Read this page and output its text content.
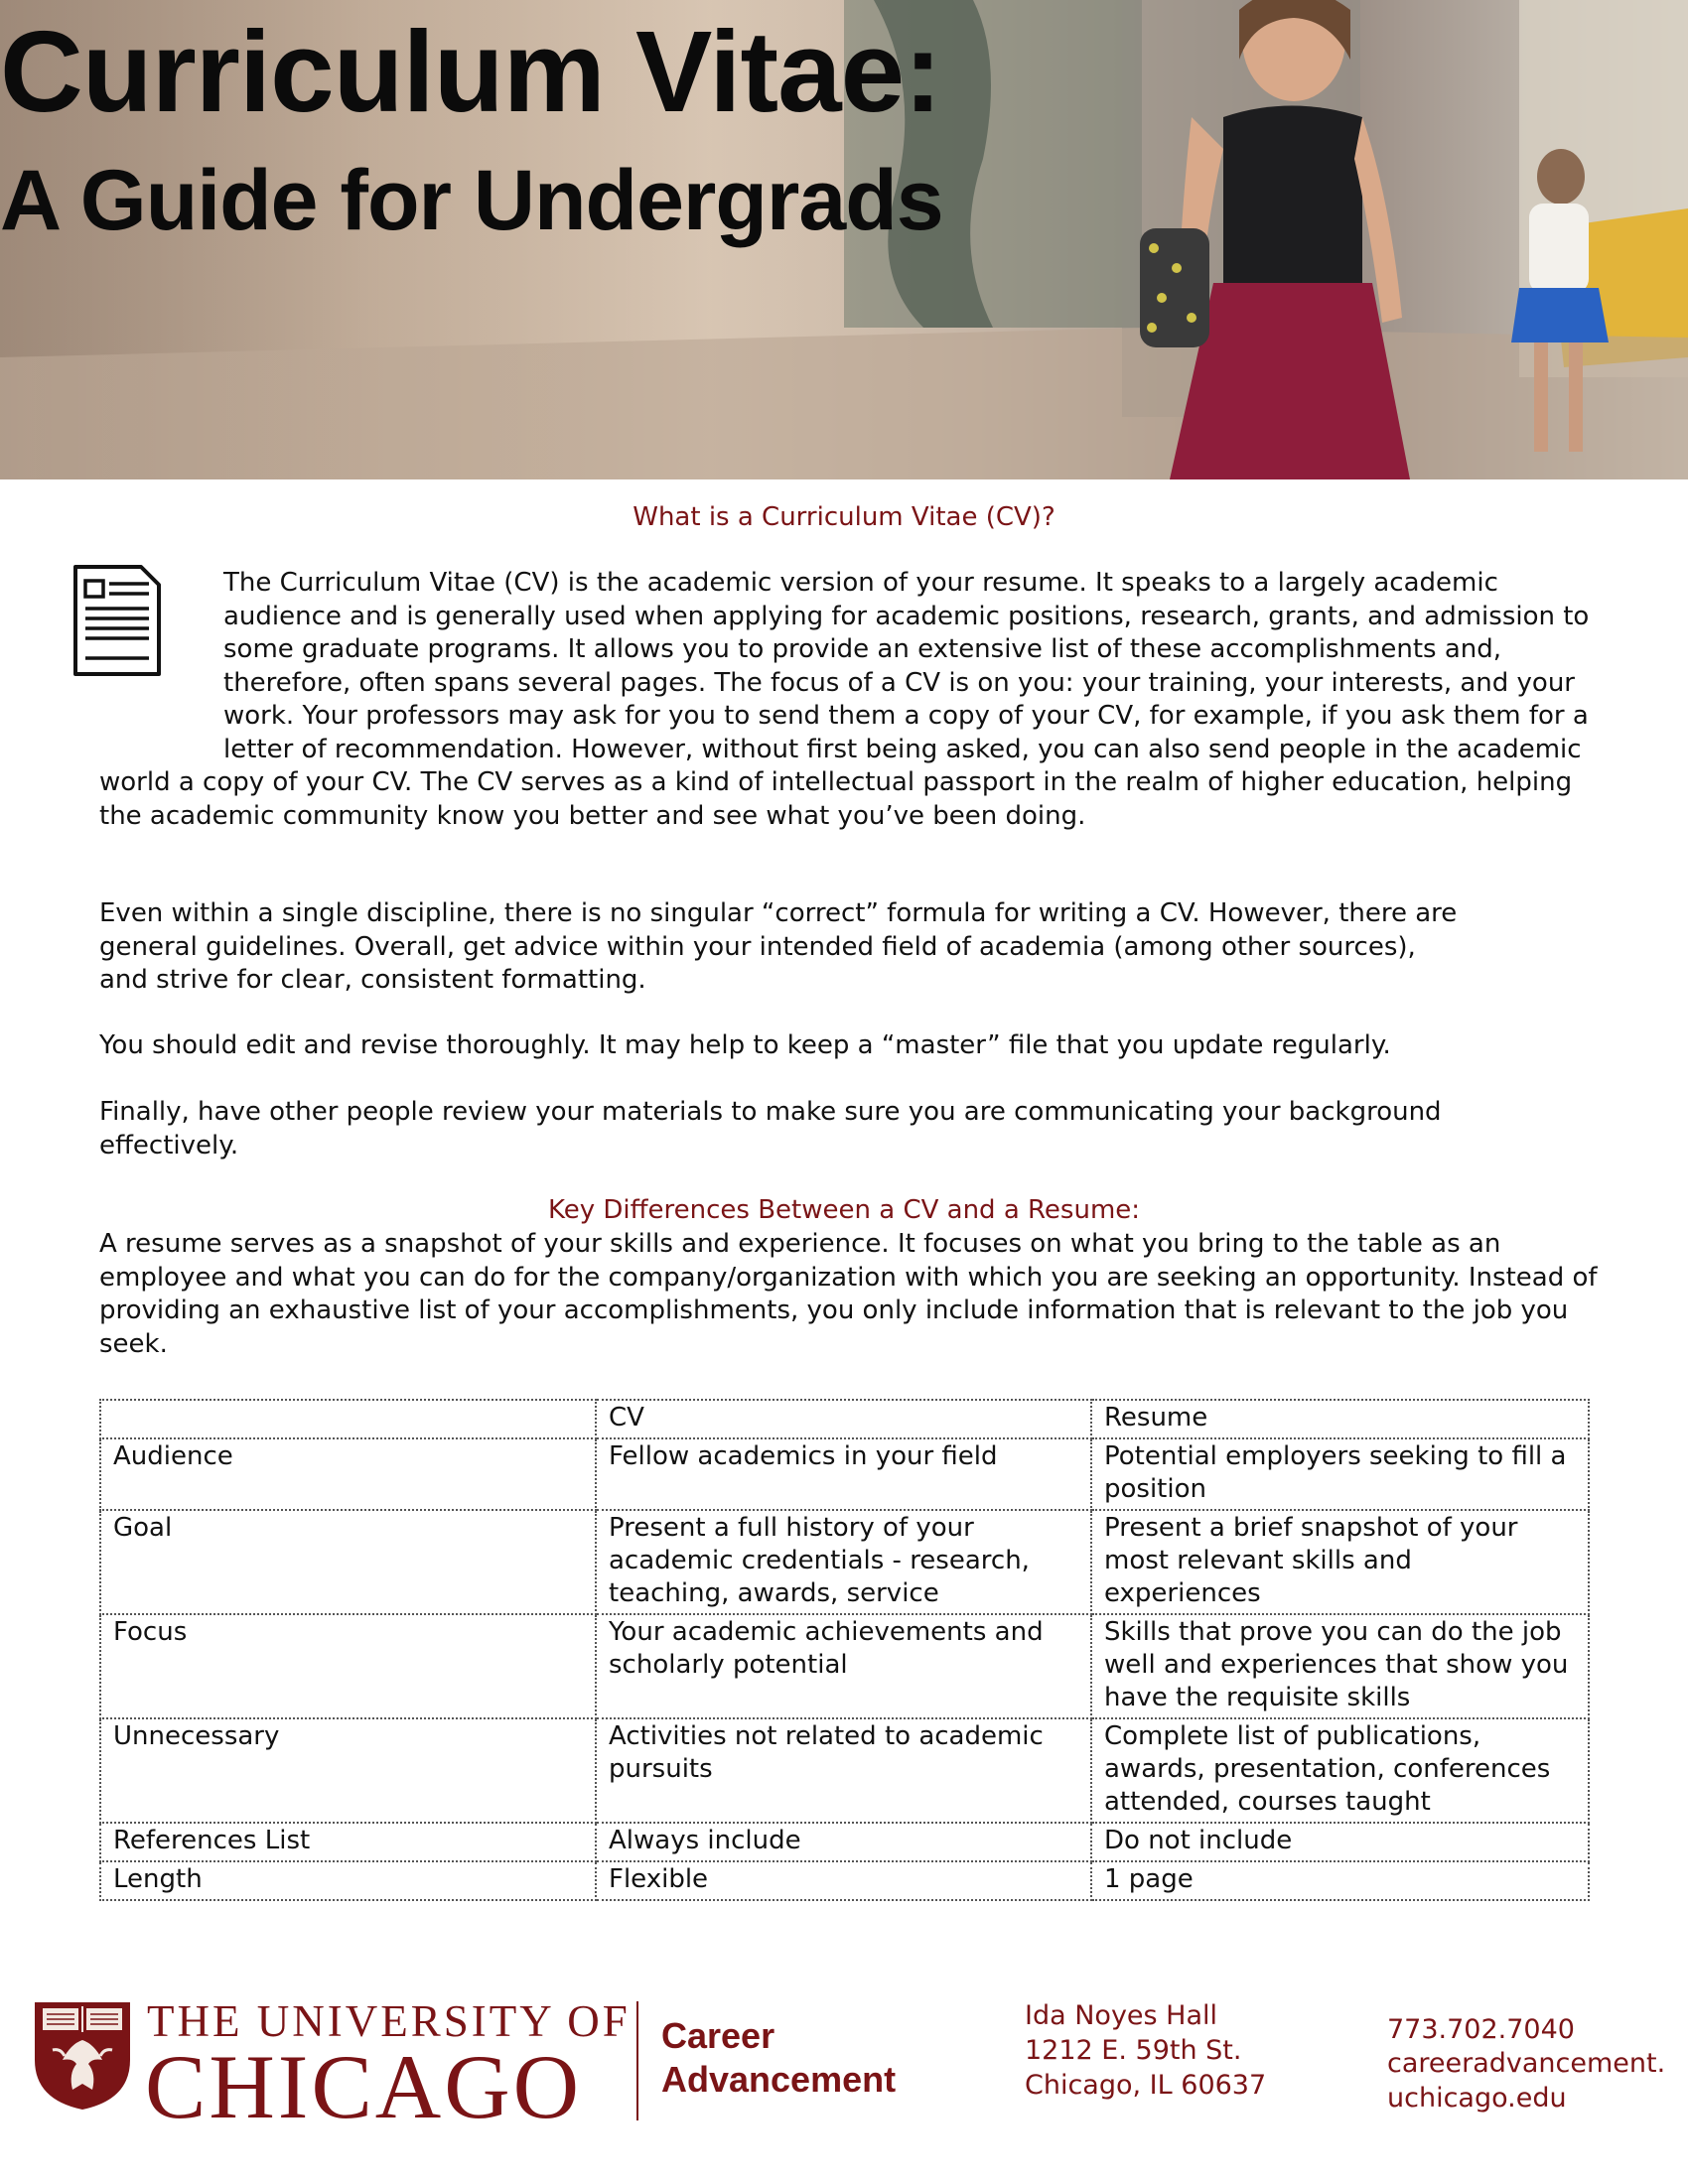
Curriculum Vitae:
A Guide for Undergrads
What is a Curriculum Vitae (CV)?

The Curriculum Vitae (CV) is the academic version of your resume. It speaks to a largely academic audience and is generally used when applying for academic positions, research, grants, and admission to some graduate programs. It allows you to provide an extensive list of these accomplishments and, therefore, often spans several pages. The focus of a CV is on you: your training, your interests, and your work. Your professors may ask for you to send them a copy of your CV, for example, if you ask them for a letter of recommendation. However, without first being asked, you can also send people in the academic world a copy of your CV. The CV serves as a kind of intellectual passport in the realm of higher education, helping the academic community know you better and see what you’ve been doing.

Even within a single discipline, there is no singular “correct” formula for writing a CV. However, there are general guidelines. Overall, get advice within your intended field of academia (among other sources), and strive for clear, consistent formatting.

You should edit and revise thoroughly. It may help to keep a “master” file that you update regularly.

Finally, have other people review your materials to make sure you are communicating your background effectively.

Key Differences Between a CV and a Resume:

A resume serves as a snapshot of your skills and experience. It focuses on what you bring to the table as an employee and what you can do for the company/organization with which you are seeking an opportunity. Instead of providing an exhaustive list of your accomplishments, you only include information that is relevant to the job you seek.

	CV	Resume
Audience	Fellow academics in your field	Potential employers seeking to fill a position
Goal	Present a full history of your academic credentials - research, teaching, awards, service	Present a brief snapshot of your most relevant skills and experiences
Focus	Your academic achievements and scholarly potential	Skills that prove you can do the job well and experiences that show you have the requisite skills
Unnecessary	Activities not related to academic pursuits	Complete list of publications, awards, presentation, conferences attended, courses taught
References List	Always include	Do not include
Length	Flexible	1 page

THE UNIVERSITY OF

CHICAGO

Career

Advancement

Ida Noyes Hall

1212 E. 59th St.

Chicago, IL 60637

773.702.7040

careeradvancement.

uchicago.edu
